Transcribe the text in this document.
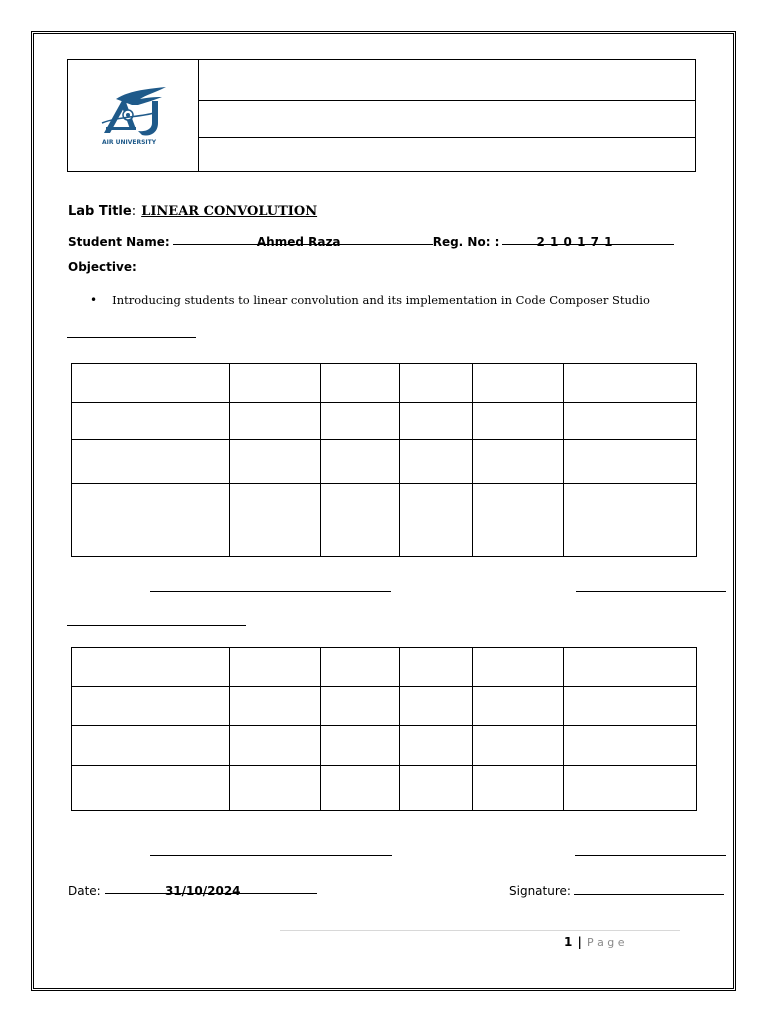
AIR UNIVERSITY

Lab Title: LINEAR CONVOLUTION
Student Name:	Ahmed Raza	Reg. No: :	2 1 0 1 7 1
Objective:
• Introducing students to linear convolution and its implementation in Code Composer Studio

Date:	31/10/2024	Signature:
1 | P a g e
